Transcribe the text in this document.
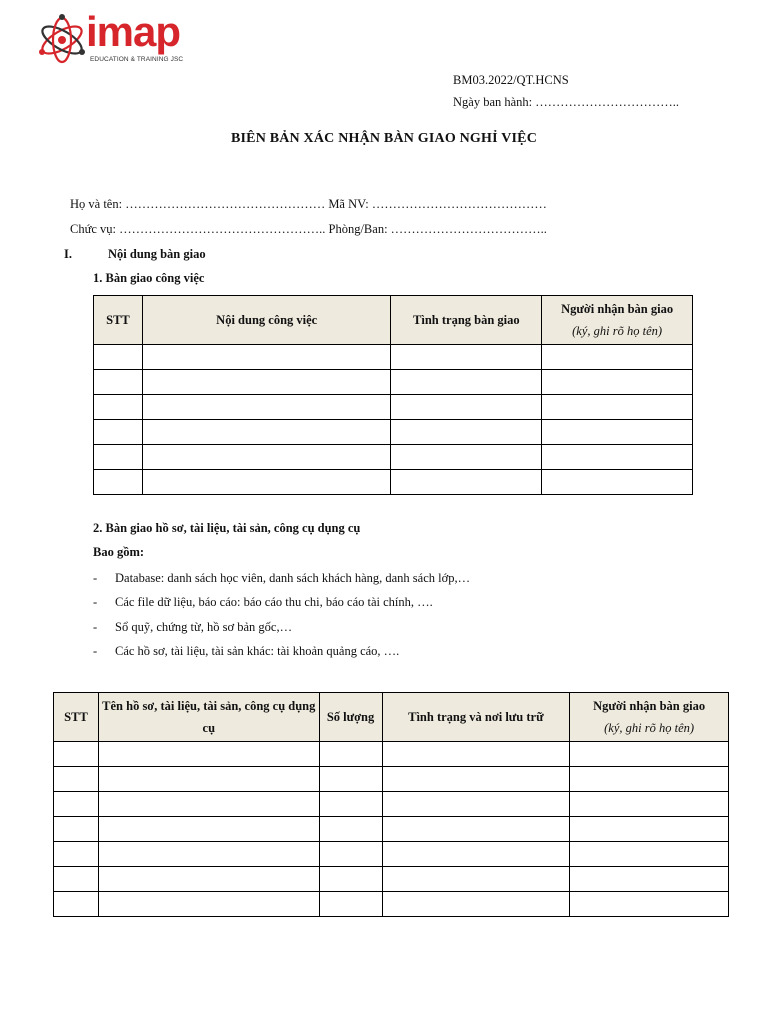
imap
EDUCATION & TRAINING JSC
BM03.2022/QT.HCNS
Ngày ban hành: ……………………………..
BIÊN BẢN XÁC NHẬN BÀN GIAO NGHỈ VIỆC
Họ và tên: ………………………………………… Mã NV: ……………………………………
Chức vụ: ………………………………………….. Phòng/Ban: ………………………………..
I.	Nội dung bàn giao
1. Bàn giao công việc
STT	Nội dung công việc	Tình trạng bàn giao	Người nhận bàn giao
(ký, ghi rõ họ tên)

2. Bàn giao hồ sơ, tài liệu, tài sản, công cụ dụng cụ
Bao gồm:
- Database: danh sách học viên, danh sách khách hàng, danh sách lớp,…
- Các file dữ liệu, báo cáo: báo cáo thu chi, báo cáo tài chính, ….
- Sổ quỹ, chứng từ, hồ sơ bản gốc,…
- Các hồ sơ, tài liệu, tài sản khác: tài khoản quảng cáo, ….
STT	Tên hồ sơ, tài liệu, tài sản, công cụ dụng cụ	Số lượng	Tình trạng và nơi lưu trữ	Người nhận bàn giao
(ký, ghi rõ họ tên)
